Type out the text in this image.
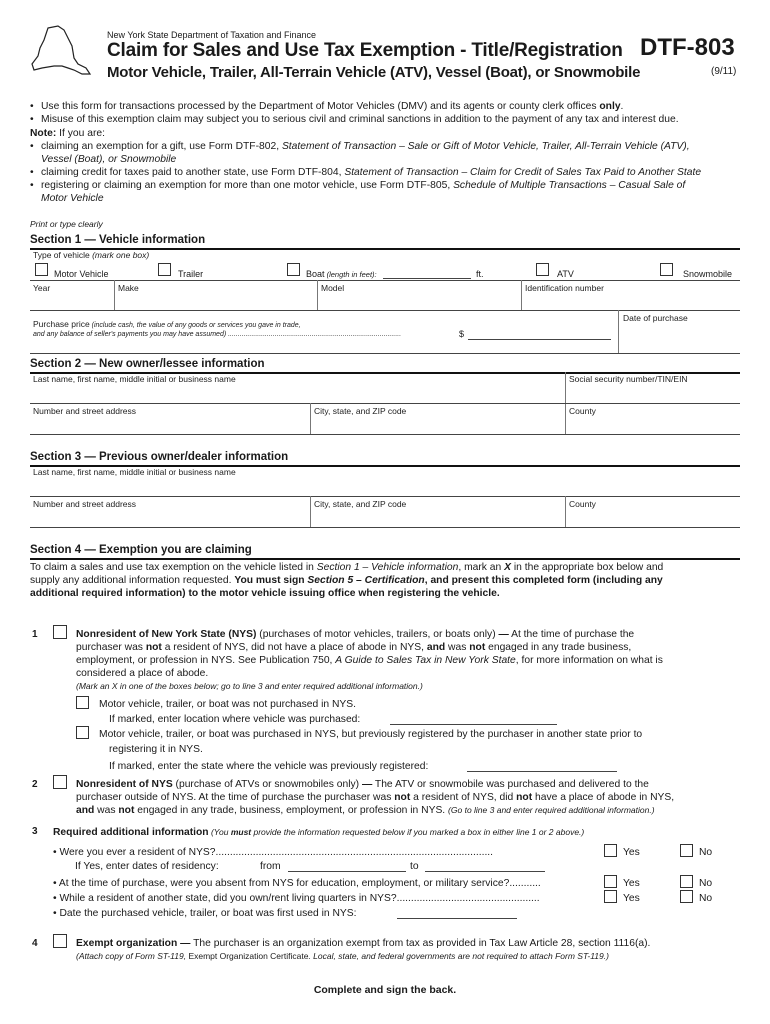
New York State Department of Taxation and Finance
Claim for Sales and Use Tax Exemption - Title/Registration
Motor Vehicle, Trailer, All-Terrain Vehicle (ATV), Vessel (Boat), or Snowmobile
DTF-803
(9/11)
• Use this form for transactions processed by the Department of Motor Vehicles (DMV) and its agents or county clerk offices only.
• Misuse of this exemption claim may subject you to serious civil and criminal sanctions in addition to the payment of any tax and interest due.
Note: If you are:
• claiming an exemption for a gift, use Form DTF-802, Statement of Transaction – Sale or Gift of Motor Vehicle, Trailer, All-Terrain Vehicle (ATV),
Vessel (Boat), or Snowmobile
• claiming credit for taxes paid to another state, use Form DTF-804, Statement of Transaction – Claim for Credit of Sales Tax Paid to Another State
• registering or claiming an exemption for more than one motor vehicle, use Form DTF-805, Schedule of Multiple Transactions – Casual Sale of
Motor Vehicle
Print or type clearly
Section 1 — Vehicle information
Type of vehicle (mark one box)
Motor Vehicle	Trailer	Boat (length in feet):	ft.	ATV	Snowmobile
Year	Make	Model	Identification number
Purchase price (include cash, the value of any goods or services you gave in trade,
and any balance of seller's payments you may have assumed) .........................................................................................	$
Date of purchase
Section 2 — New owner/lessee information
Last name, first name, middle initial or business name	Social security number/TIN/EIN
Number and street address	City, state, and ZIP code	County
Section 3 — Previous owner/dealer information
Last name, first name, middle initial or business name
Number and street address	City, state, and ZIP code	County
Section 4 — Exemption you are claiming
To claim a sales and use tax exemption on the vehicle listed in Section 1 – Vehicle information, mark an X in the appropriate box below and
supply any additional information requested. You must sign Section 5 – Certification, and present this completed form (including any
additional required information) to the motor vehicle issuing office when registering the vehicle.
1	Nonresident of New York State (NYS) (purchases of motor vehicles, trailers, or boats only) — At the time of purchase the
purchaser was not a resident of NYS, did not have a place of abode in NYS, and was not engaged in any trade business,
employment, or profession in NYS. See Publication 750, A Guide to Sales Tax in New York State, for more information on what is
considered a place of abode.
(Mark an X in one of the boxes below; go to line 3 and enter required additional information.)
Motor vehicle, trailer, or boat was not purchased in NYS.
If marked, enter location where vehicle was purchased:
Motor vehicle, trailer, or boat was purchased in NYS, but previously registered by the purchaser in another state prior to
registering it in NYS.
If marked, enter the state where the vehicle was previously registered:
2	Nonresident of NYS (purchase of ATVs or snowmobiles only) — The ATV or snowmobile was purchased and delivered to the
purchaser outside of NYS. At the time of purchase the purchaser was not a resident of NYS, did not have a place of abode in NYS,
and was not engaged in any trade, business, employment, or profession in NYS. (Go to line 3 and enter required additional information.)
3 Required additional information (You must provide the information requested below if you marked a box in either line 1 or 2 above.)
• Were you ever a resident of NYS?.................................................................................................	Yes	No
If Yes, enter dates of residency:	from	to
• At the time of purchase, were you absent from NYS for education, employment, or military service?...........	Yes	No
• While a resident of another state, did you own/rent living quarters in NYS?..................................................	Yes	No
• Date the purchased vehicle, trailer, or boat was first used in NYS:
4	Exempt organization — The purchaser is an organization exempt from tax as provided in Tax Law Article 28, section 1116(a).
(Attach copy of Form ST-119, Exempt Organization Certificate. Local, state, and federal governments are not required to attach Form ST-119.)
Complete and sign the back.
